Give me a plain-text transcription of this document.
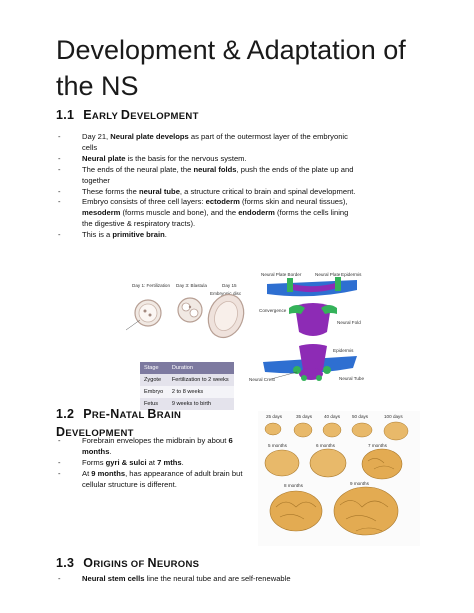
Development & Adaptation of the NS
1.1 EARLY DEVELOPMENT
- Day 21, Neural plate develops as part of the outermost layer of the embryonic cells
- Neural plate is the basis for the nervous system.
- The ends of the neural plate, the neural folds, push the ends of the plate up and together
- These forms the neural tube, a structure critical to brain and spinal development.
- Embryo consists of three cell layers: ectoderm (forms skin and neural tissues), mesoderm (forms muscle and bone), and the endoderm (forms the cells lining the digestive & respiratory tracts).
- This is a primitive brain.
Day 1: Fertilization Day 3: Blastula	Day 15
Embryonic disc
Neural Plate Border	Neural Plate Epidermis
Convergence
Neural Fold
Epidermis
Neural Crest	Neural Tube
Stage	Duration
Zygote	Fertilization to 2 weeks
Embryo	2 to 8 weeks
Fetus	9 weeks to birth
1.2 PRE-NATAL BRAIN
DEVELOPMENT
- Forebrain envelopes the midbrain by about 6 months.
- Forms gyri & sulci at 7 mths.
- At 9 months, has appearance of adult brain but cellular structure is different.
25 days	35 days	40 days	50 days	100 days
5 months	6 months	7 months
8 months	9 months
1.3 ORIGINS OF NEURONS
- Neural stem cells line the neural tube and are self-renewable
